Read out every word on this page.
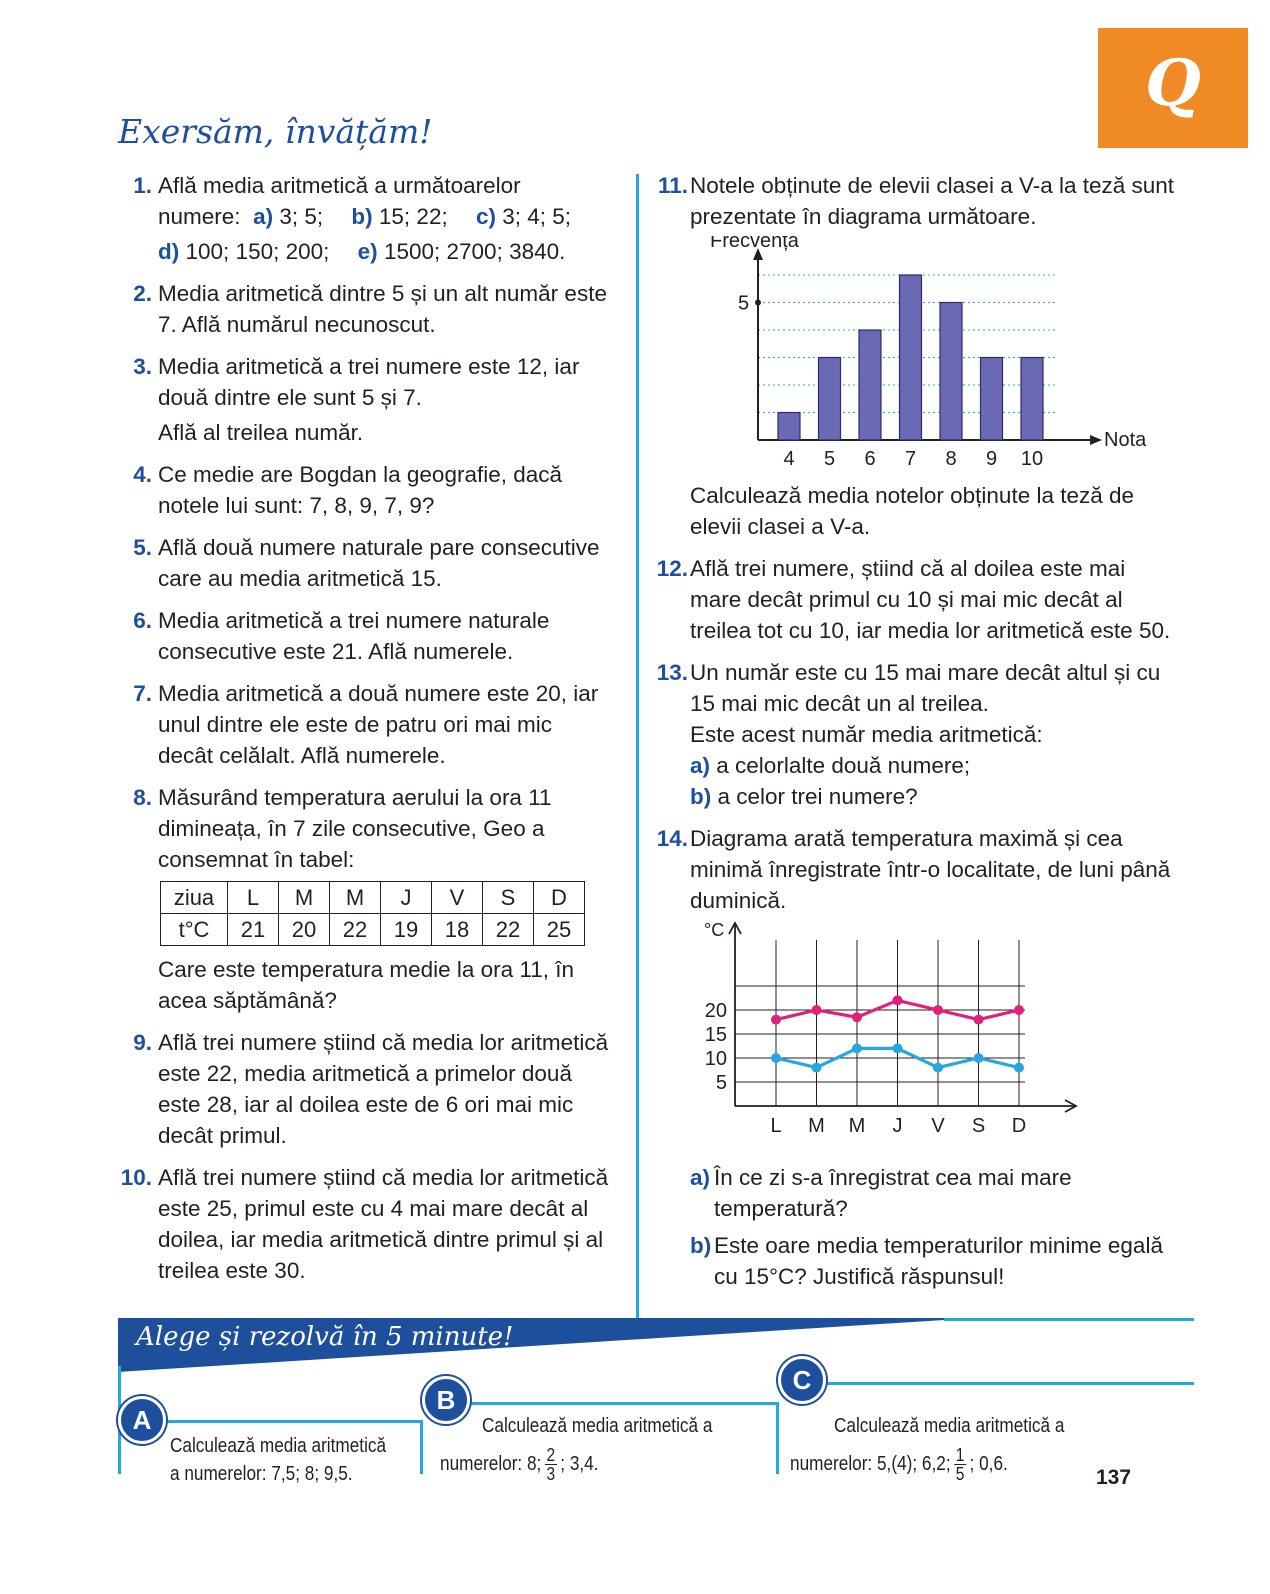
Q
Exersăm, învățăm!
1. Află media aritmetică a următoarelor
numere: a) 3; 5; b) 15; 22; c) 3; 4; 5;
d) 100; 150; 200; e) 1500; 2700; 3840.
2. Media aritmetică dintre 5 și un alt număr este 7. Află numărul necunoscut.
3. Media aritmetică a trei numere este 12, iar două dintre ele sunt 5 și 7.
Află al treilea număr.
4. Ce medie are Bogdan la geografie, dacă notele lui sunt: 7, 8, 9, 7, 9?
5. Află două numere naturale pare consecutive care au media aritmetică 15.
6. Media aritmetică a trei numere naturale consecutive este 21. Află numerele.
7. Media aritmetică a două numere este 20, iar unul dintre ele este de patru ori mai mic decât celălalt. Află numerele.
8. Măsurând temperatura aerului la ora 11 dimineața, în 7 zile consecutive, Geo a consemnat în tabel:
ziua	L	M	M	J	V	S	D
t°C	21	20	22	19	18	22	25
Care este temperatura medie la ora 11, în acea săptămână?
9. Află trei numere știind că media lor aritmetică este 22, media aritmetică a primelor două este 28, iar al doilea este de 6 ori mai mic decât primul.
10. Află trei numere știind că media lor aritmetică este 25, primul este cu 4 mai mare decât al doilea, iar media aritmetică dintre primul și al treilea este 30.
11. Notele obținute de elevii clasei a V-a la teză sunt prezentate în diagrama următoare.
Frecvența
Nota
5
4 5 6 7 8 9 10
Calculează media notelor obținute la teză de elevii clasei a V-a.
12. Află trei numere, știind că al doilea este mai mare decât primul cu 10 și mai mic decât al treilea tot cu 10, iar media lor aritmetică este 50.
13. Un număr este cu 15 mai mare decât altul și cu 15 mai mic decât un al treilea.
Este acest număr media aritmetică:
a) a celorlalte două numere;
b) a celor trei numere?
14. Diagrama arată temperatura maximă și cea minimă înregistrate într-o localitate, de luni până duminică.
°C
5
10
15
20
L M M J V S D
a) În ce zi s-a înregistrat cea mai mare temperatură?
b) Este oare media temperaturilor minime egală cu 15°C? Justifică răspunsul!
Alege și rezolvă în 5 minute!
A
Calculează media aritmetică
a numerelor: 7,5; 8; 9,5.
B
Calculează media aritmetică a
numerelor: 8; $\frac{2}{3}$ ; 3,4.
C
Calculează media aritmetică a
numerelor: 5,(4); 6,2; $\frac{1}{5}$ ; 0,6.
137
